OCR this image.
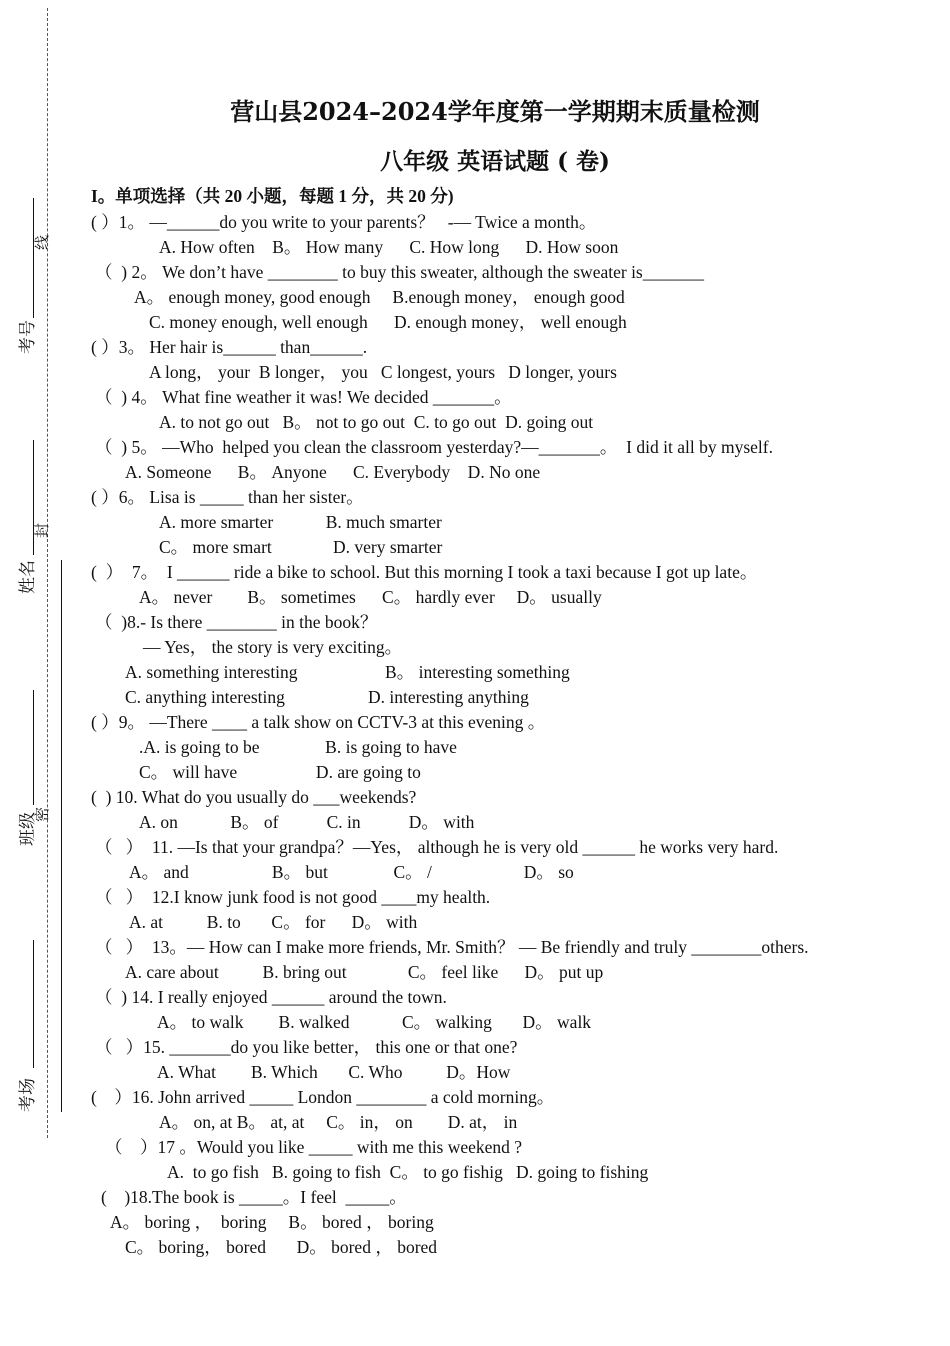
考号
姓名
班级
考场
线
封
密
营山县2024–2024学年度第一学期期末质量检测
八年级 英语试题 ( 卷)
I。单项选择（共 20 小题，每题 1 分，共 20 分)
( ）1。 —______do you write to your parents？   -— Twice a month。
A. How often    B。 How many      C. How long      D. How soon
（  ) 2。 We don’t have ________ to buy this sweater, although the sweater is_______
A。 enough money, good enough     B.enough money， enough good
C. money enough, well enough      D. enough money， well enough
( ）3。 Her hair is______ than______.
A long， your  B longer， you   C longest, yours   D longer, yours
（  ) 4。 What fine weather it was! We decided _______。
A. to not go out   B。 not to go out  C. to go out  D. going out
（  ) 5。 —Who  helped you clean the classroom yesterday?—_______。  I did it all by myself.
A. Someone      B。 Anyone      C. Everybody    D. No one
( ）6。 Lisa is _____ than her sister。
A. more smarter            B. much smarter
C。 more smart              D. very smarter
(  ）  7。  I ______ ride a bike to school. But this morning I took a taxi because I got up late。
A。 never        B。 sometimes      C。 hardly ever     D。 usually
（  )8.- Is there ________ in the book？
— Yes， the story is very exciting。
A. something interesting                    B。 interesting something
C. anything interesting                   D. interesting anything
( ）9。 —There ____ a talk show on CCTV-3 at this evening 。
.A. is going to be               B. is going to have
C。 will have                  D. are going to
(  ) 10. What do you usually do ___weekends?
A. on            B。 of           C. in           D。 with
（   ）  11. —Is that your grandpa？—Yes， although he is very old ______ he works very hard.
A。 and                   B。 but               C。 /                     D。 so
（   ）  12.I know junk food is not good ____my health.
A. at          B. to       C。 for      D。 with
（   ）  13。— How can I make more friends, Mr. Smith？ — Be friendly and truly ________others.
A. care about          B. bring out              C。 feel like      D。 put up
（  ) 14. I really enjoyed ______ around the town.
A。 to walk        B. walked            C。 walking       D。 walk
（   ）15. _______do you like better， this one or that one?
A. What        B. Which       C. Who          D。How
(    ）16. John arrived _____ London ________ a cold morning。
A。 on, at B。 at, at     C。 in， on        D. at， in
（    ）17 。Would you like _____ with me this weekend ?
A.  to go fish   B. going to fish  C。 to go fishig   D. going to fishing
(    )18.The book is _____。I feel  _____。
A。 boring ，  boring     B。 bored ， boring
C。 boring， bored       D。 bored ， bored
